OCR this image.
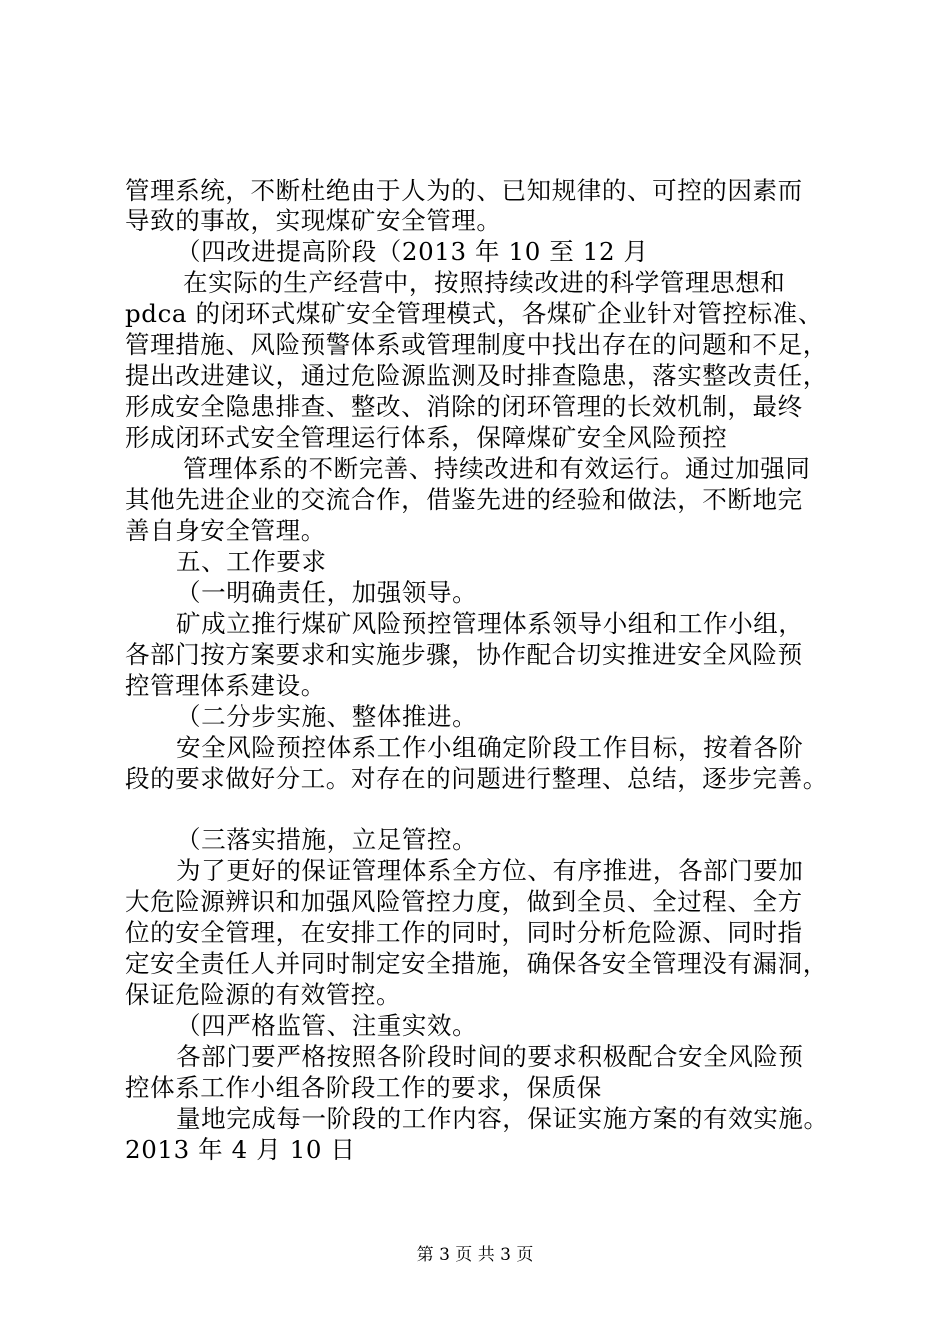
管理系统，不断杜绝由于人为的、已知规律的、可控的因素而
导致的事故，实现煤矿安全管理。
（四改进提高阶段（2013 年 10 至 12 月
在实际的生产经营中，按照持续改进的科学管理思想和
pdca 的闭环式煤矿安全管理模式，各煤矿企业针对管控标准、
管理措施、风险预警体系或管理制度中找出存在的问题和不足，
提出改进建议，通过危险源监测及时排查隐患，落实整改责任，
形成安全隐患排查、整改、消除的闭环管理的长效机制，最终
形成闭环式安全管理运行体系，保障煤矿安全风险预控
管理体系的不断完善、持续改进和有效运行。通过加强同
其他先进企业的交流合作，借鉴先进的经验和做法，不断地完
善自身安全管理。
五、工作要求
（一明确责任，加强领导。
矿成立推行煤矿风险预控管理体系领导小组和工作小组，
各部门按方案要求和实施步骤，协作配合切实推进安全风险预
控管理体系建设。
（二分步实施、整体推进。
安全风险预控体系工作小组确定阶段工作目标，按着各阶
段的要求做好分工。对存在的问题进行整理、总结，逐步完善。
（三落实措施，立足管控。
为了更好的保证管理体系全方位、有序推进，各部门要加
大危险源辨识和加强风险管控力度，做到全员、全过程、全方
位的安全管理，在安排工作的同时，同时分析危险源、同时指
定安全责任人并同时制定安全措施，确保各安全管理没有漏洞，
保证危险源的有效管控。
（四严格监管、注重实效。
各部门要严格按照各阶段时间的要求积极配合安全风险预
控体系工作小组各阶段工作的要求，保质保
量地完成每一阶段的工作内容，保证实施方案的有效实施。
2013 年 4 月 10 日
第 3 页 共 3 页
